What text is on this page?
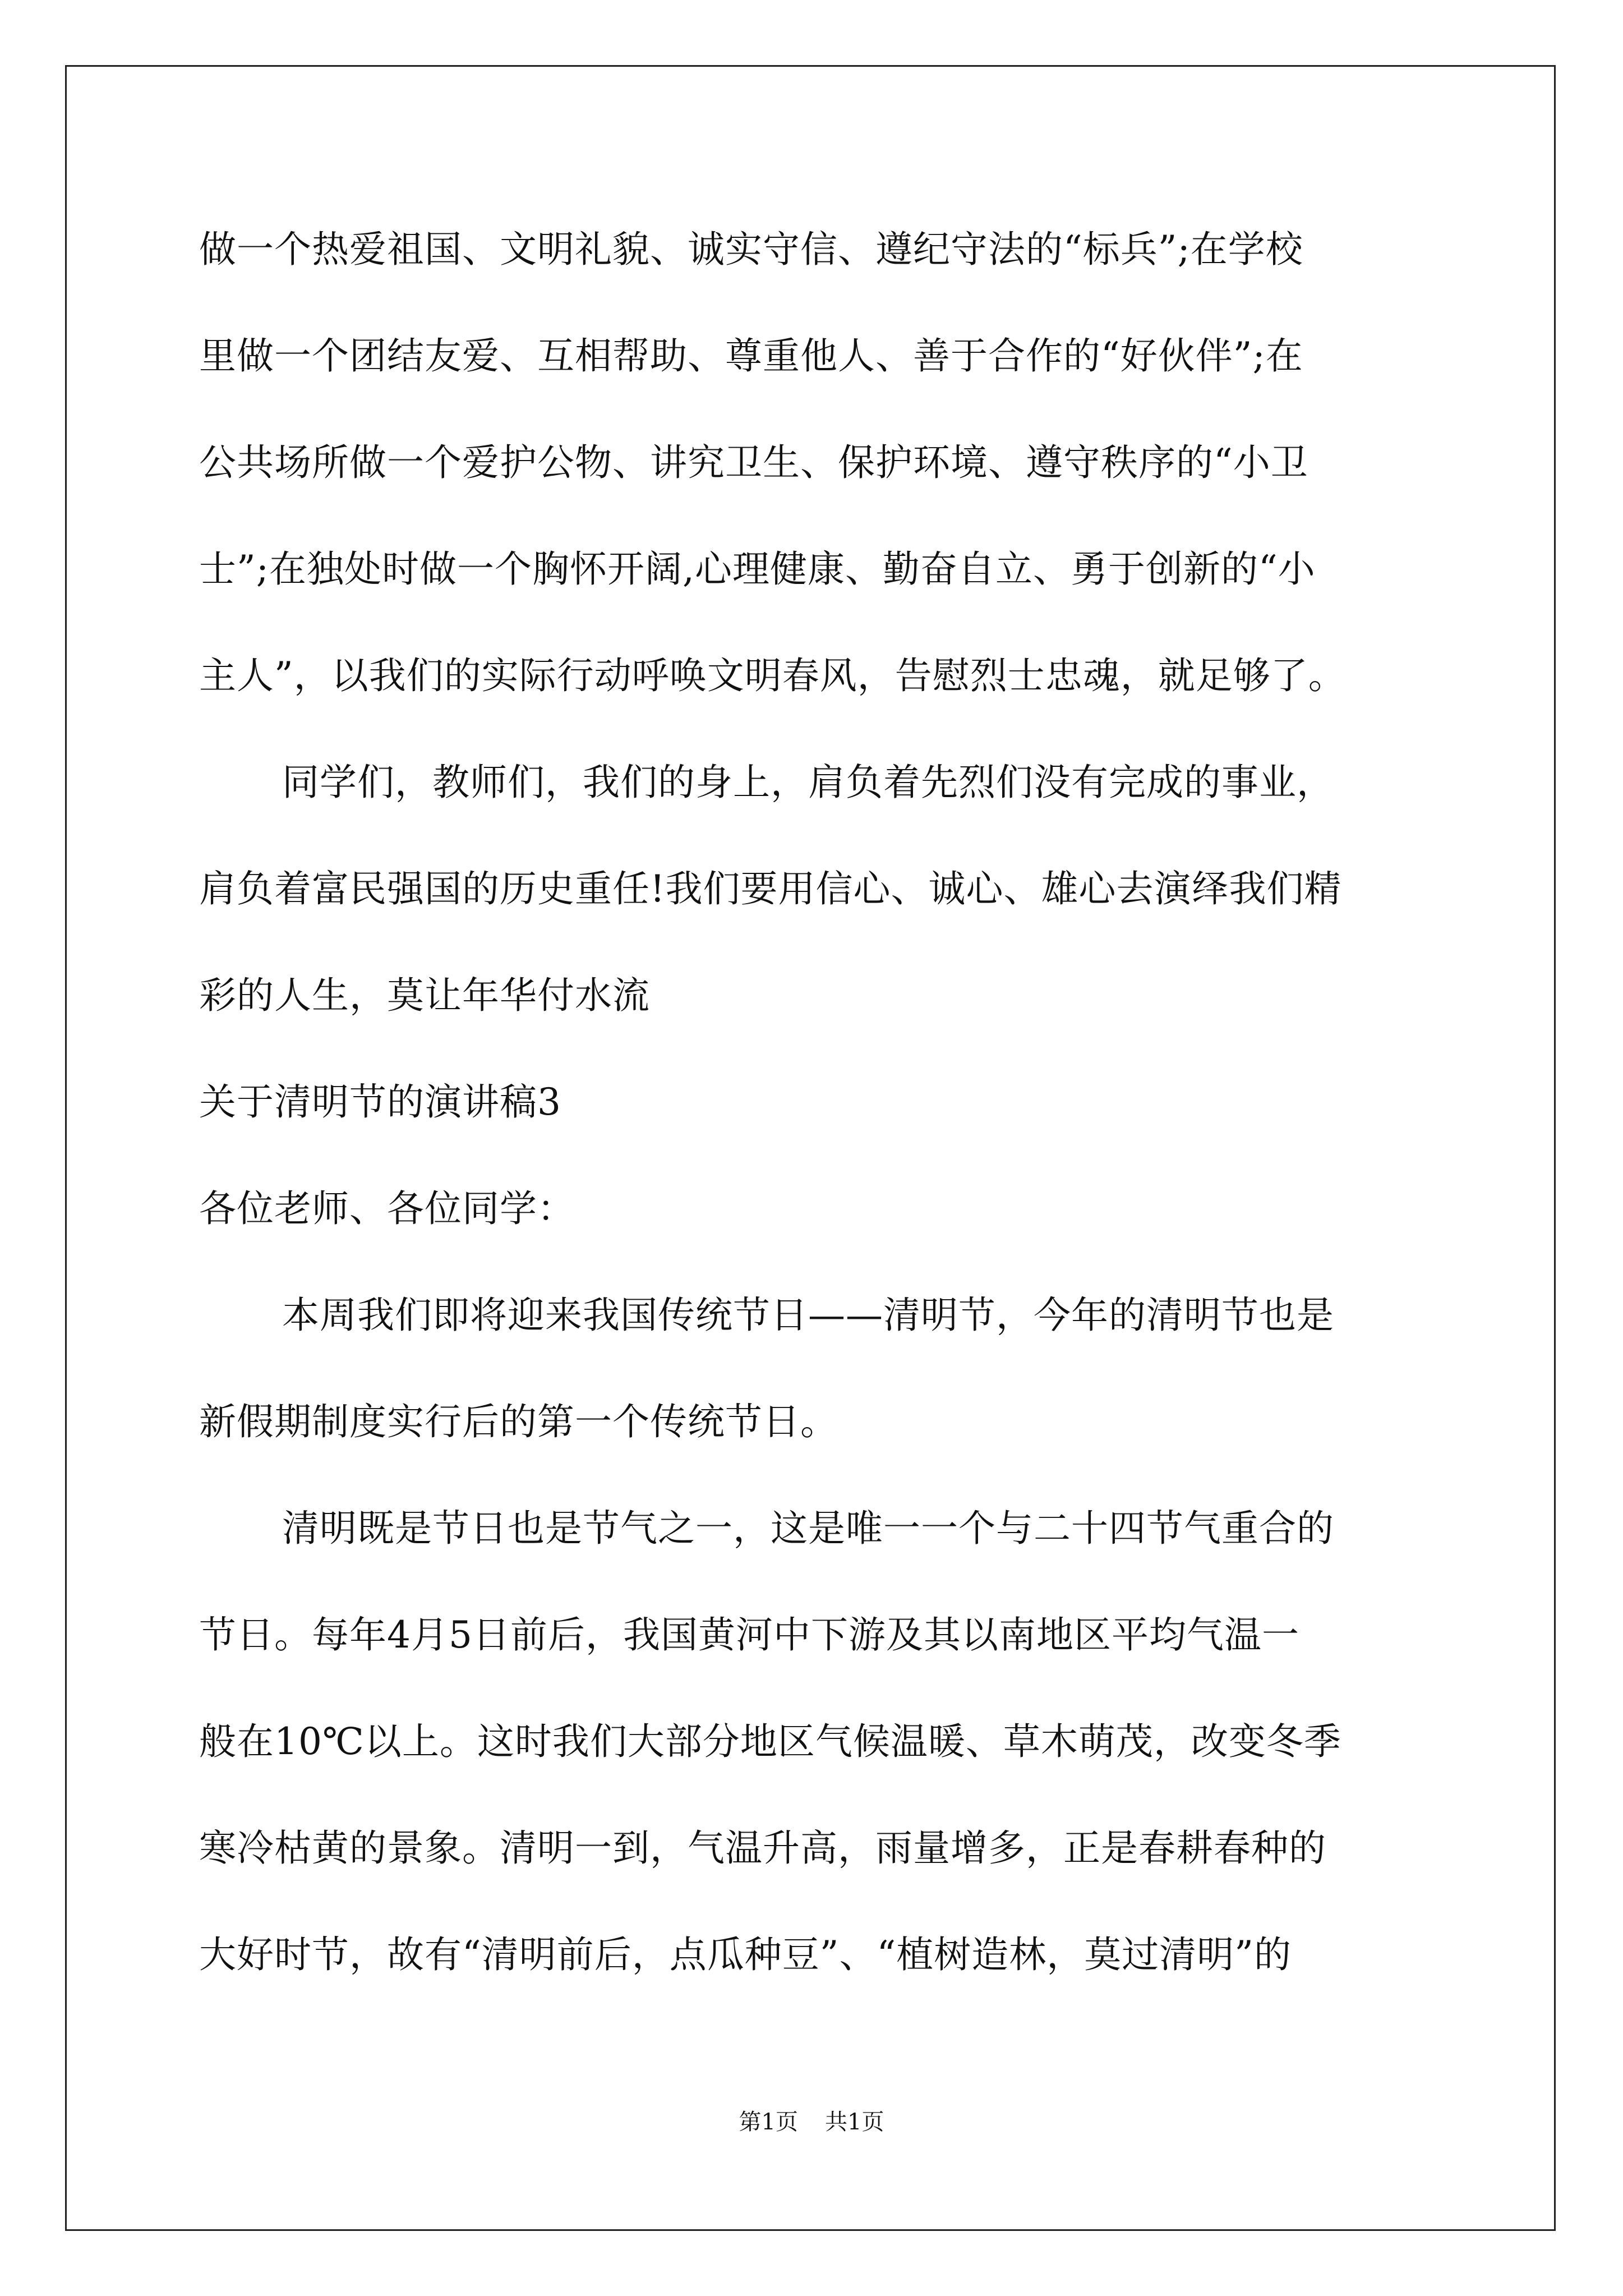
做一个热爱祖国、文明礼貌、诚实守信、遵纪守法的“标兵”;在学校
里做一个团结友爱、互相帮助、尊重他人、善于合作的“好伙伴”;在
公共场所做一个爱护公物、讲究卫生、保护环境、遵守秩序的“小卫
士”;在独处时做一个胸怀开阔,心理健康、勤奋自立、勇于创新的“小
主人”，以我们的实际行动呼唤文明春风，告慰烈士忠魂，就足够了。
同学们，教师们，我们的身上，肩负着先烈们没有完成的事业，
肩负着富民强国的历史重任!我们要用信心、诚心、雄心去演绎我们精
彩的人生，莫让年华付水流
关于清明节的演讲稿3
各位老师、各位同学：
本周我们即将迎来我国传统节日——清明节，今年的清明节也是
新假期制度实行后的第一个传统节日。
清明既是节日也是节气之一，这是唯一一个与二十四节气重合的
节日。每年4月5日前后，我国黄河中下游及其以南地区平均气温一
般在10℃以上。这时我们大部分地区气候温暖、草木萌茂，改变冬季
寒冷枯黄的景象。清明一到，气温升高，雨量增多，正是春耕春种的
大好时节，故有“清明前后，点瓜种豆”、“植树造林，莫过清明”的
第1页 共1页
